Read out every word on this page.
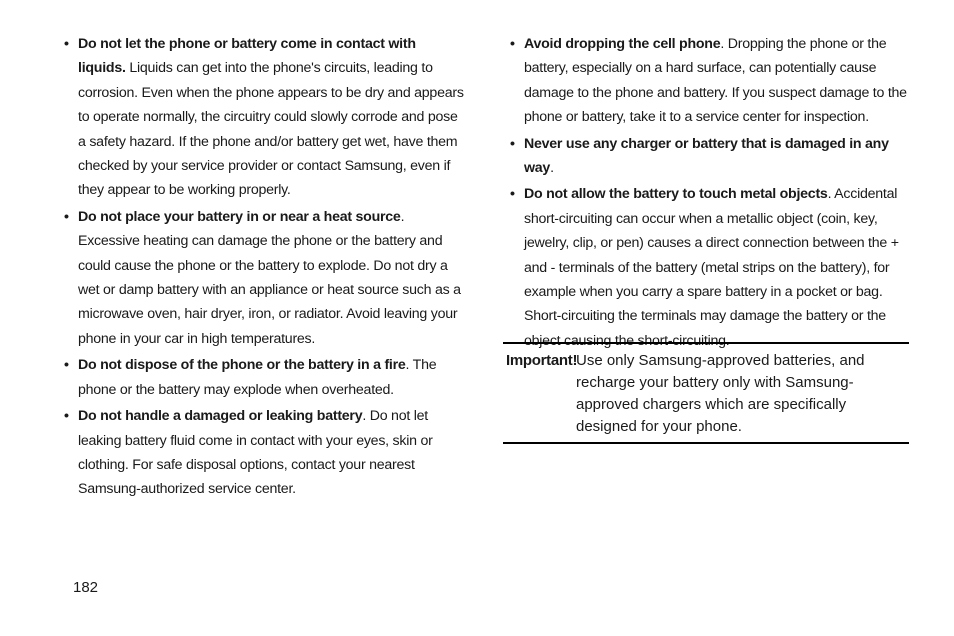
• Do not let the phone or battery come in contact with liquids. Liquids can get into the phone's circuits, leading to corrosion. Even when the phone appears to be dry and appears to operate normally, the circuitry could slowly corrode and pose a safety hazard. If the phone and/or battery get wet, have them checked by your service provider or contact Samsung, even if they appear to be working properly.
• Do not place your battery in or near a heat source. Excessive heating can damage the phone or the battery and could cause the phone or the battery to explode. Do not dry a wet or damp battery with an appliance or heat source such as a microwave oven, hair dryer, iron, or radiator. Avoid leaving your phone in your car in high temperatures.
• Do not dispose of the phone or the battery in a fire. The phone or the battery may explode when overheated.
• Do not handle a damaged or leaking battery. Do not let leaking battery fluid come in contact with your eyes, skin or clothing. For safe disposal options, contact your nearest Samsung-authorized service center.
• Avoid dropping the cell phone. Dropping the phone or the battery, especially on a hard surface, can potentially cause damage to the phone and battery. If you suspect damage to the phone or battery, take it to a service center for inspection.
• Never use any charger or battery that is damaged in any way.
• Do not allow the battery to touch metal objects. Accidental short-circuiting can occur when a metallic object (coin, key, jewelry, clip, or pen) causes a direct connection between the + and - terminals of the battery (metal strips on the battery), for example when you carry a spare battery in a pocket or bag. Short-circuiting the terminals may damage the battery or the object causing the short-circuiting.
Important!
Use only Samsung-approved batteries, and recharge your battery only with Samsung-approved chargers which are specifically designed for your phone.
182
